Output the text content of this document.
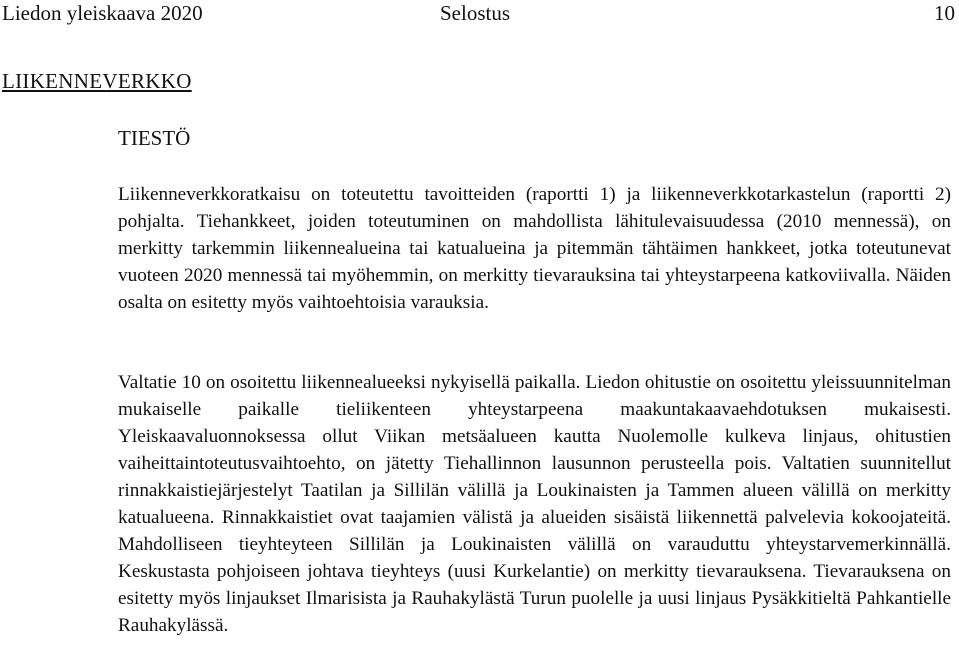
Liedon yleiskaava 2020	Selostus	10
LIIKENNEVERKKO
TIESTÖ

Liikenneverkkoratkaisu on toteutettu tavoitteiden (raportti 1) ja liikenneverkkotarkastelun (raportti 2) pohjalta. Tiehankkeet, joiden toteutuminen on mahdollista lähitulevaisuudessa (2010 mennessä), on merkitty tarkemmin liikennealueina tai katualueina ja pitemmän tähtäimen hankkeet, jotka toteutunevat vuoteen 2020 mennessä tai myöhemmin, on merkitty tievarauksina tai yhteystarpeena katkoviivalla. Näiden osalta on esitetty myös vaihtoehtoisia varauksia.

Valtatie 10 on osoitettu liikennealueeksi nykyisellä paikalla. Liedon ohitustie on osoitettu yleissuunnitelman mukaiselle paikalle tieliikenteen yhteystarpeena maakuntakaavaehdotuksen mukaisesti. Yleiskaavaluonnoksessa ollut Viikan metsäalueen kautta Nuolemolle kulkeva linjaus, ohitustien vaiheittaintoteutusvaihtoehto, on jätetty Tiehallinnon lausunnon perusteella pois. Valtatien suunnitellut rinnakkaistiejärjestelyt Taatilan ja Sillilän välillä ja Loukinaisten ja Tammen alueen välillä on merkitty katualueena. Rinnakkaistiet ovat taajamien välistä ja alueiden sisäistä liikennettä palvelevia kokoojateitä. Mahdolliseen tieyhteyteen Sillilän ja Loukinaisten välillä on varauduttu yhteystarvemerkinnällä. Keskustasta pohjoiseen johtava tieyhteys (uusi Kurkelantie) on merkitty tievarauksena. Tievarauksena on esitetty myös linjaukset Ilmarisista ja Rauhakylästä Turun puolelle ja uusi linjaus Pysäkkitieltä Pahkantielle Rauhakylässä.
